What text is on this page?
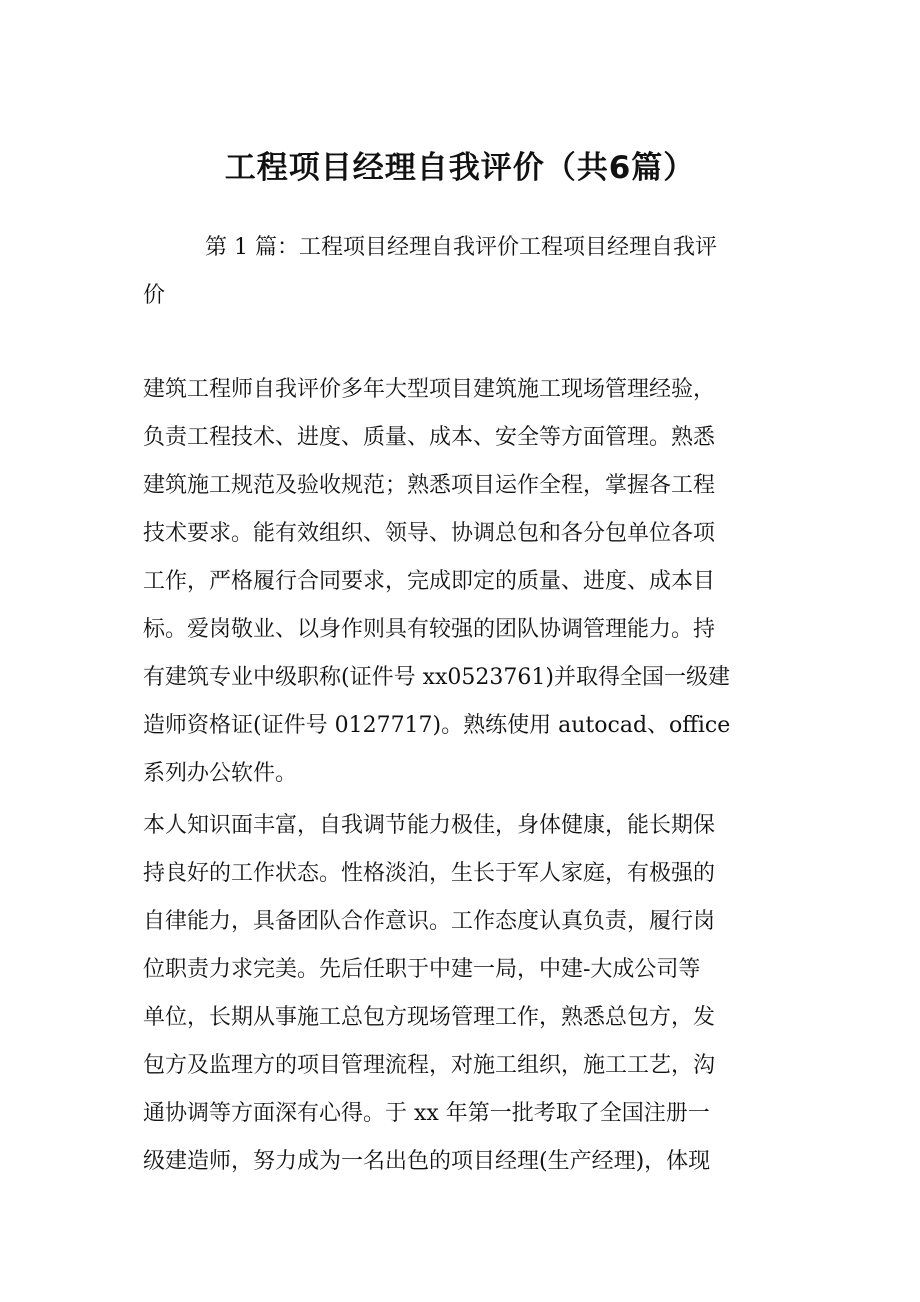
工程项目经理自我评价（共6篇）
第 1 篇：工程项目经理自我评价工程项目经理自我评
价
建筑工程师自我评价多年大型项目建筑施工现场管理经验，
负责工程技术、进度、质量、成本、安全等方面管理。熟悉
建筑施工规范及验收规范；熟悉项目运作全程，掌握各工程
技术要求。能有效组织、领导、协调总包和各分包单位各项
工作，严格履行合同要求，完成即定的质量、进度、成本目
标。爱岗敬业、以身作则具有较强的团队协调管理能力。持
有建筑专业中级职称(证件号 xx0523761)并取得全国一级建
造师资格证(证件号 0127717)。熟练使用 autocad、office
系列办公软件。
本人知识面丰富，自我调节能力极佳，身体健康，能长期保
持良好的工作状态。性格淡泊，生长于军人家庭，有极强的
自律能力，具备团队合作意识。工作态度认真负责，履行岗
位职责力求完美。先后任职于中建一局，中建-大成公司等
单位，长期从事施工总包方现场管理工作，熟悉总包方，发
包方及监理方的项目管理流程，对施工组织，施工工艺，沟
通协调等方面深有心得。于 xx 年第一批考取了全国注册一
级建造师，努力成为一名出色的项目经理(生产经理)，体现
